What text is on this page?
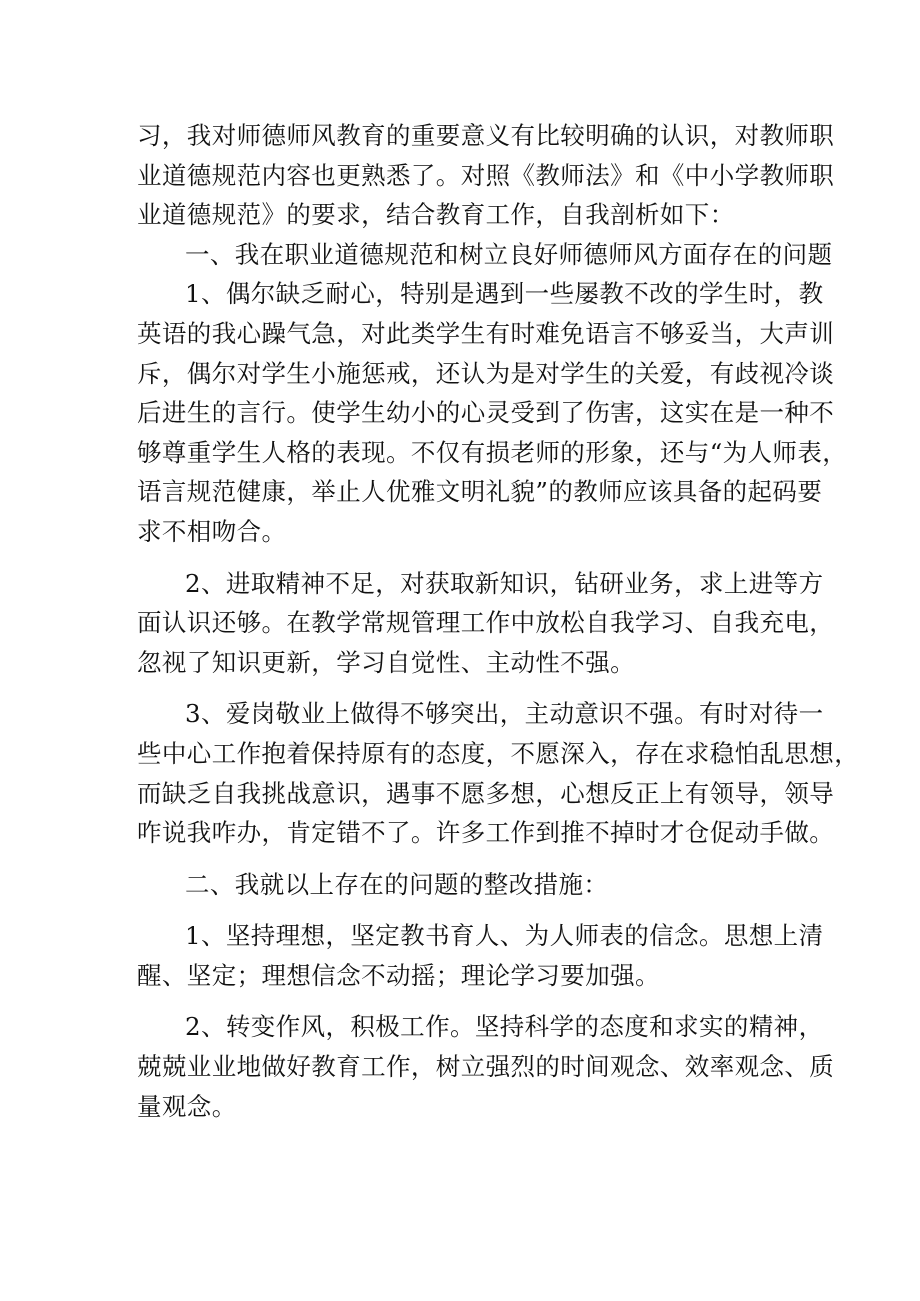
习，我对师德师风教育的重要意义有比较明确的认识，对教师职
业道德规范内容也更熟悉了。对照《教师法》和《中小学教师职
业道德规范》的要求，结合教育工作，自我剖析如下：
一、我在职业道德规范和树立良好师德师风方面存在的问题
1、偶尔缺乏耐心，特别是遇到一些屡教不改的学生时，教
英语的我心躁气急，对此类学生有时难免语言不够妥当，大声训
斥，偶尔对学生小施惩戒，还认为是对学生的关爱，有歧视冷谈
后进生的言行。使学生幼小的心灵受到了伤害，这实在是一种不
够尊重学生人格的表现。不仅有损老师的形象，还与“为人师表，
语言规范健康，举止人优雅文明礼貌”的教师应该具备的起码要
求不相吻合。
2、进取精神不足，对获取新知识，钻研业务，求上进等方
面认识还够。在教学常规管理工作中放松自我学习、自我充电，
忽视了知识更新，学习自觉性、主动性不强。
3、爱岗敬业上做得不够突出，主动意识不强。有时对待一
些中心工作抱着保持原有的态度，不愿深入，存在求稳怕乱思想，
而缺乏自我挑战意识，遇事不愿多想，心想反正上有领导，领导
咋说我咋办，肯定错不了。许多工作到推不掉时才仓促动手做。
二、我就以上存在的问题的整改措施：
1、坚持理想，坚定教书育人、为人师表的信念。思想上清
醒、坚定；理想信念不动摇；理论学习要加强。
2、转变作风，积极工作。坚持科学的态度和求实的精神，
兢兢业业地做好教育工作，树立强烈的时间观念、效率观念、质
量观念。
